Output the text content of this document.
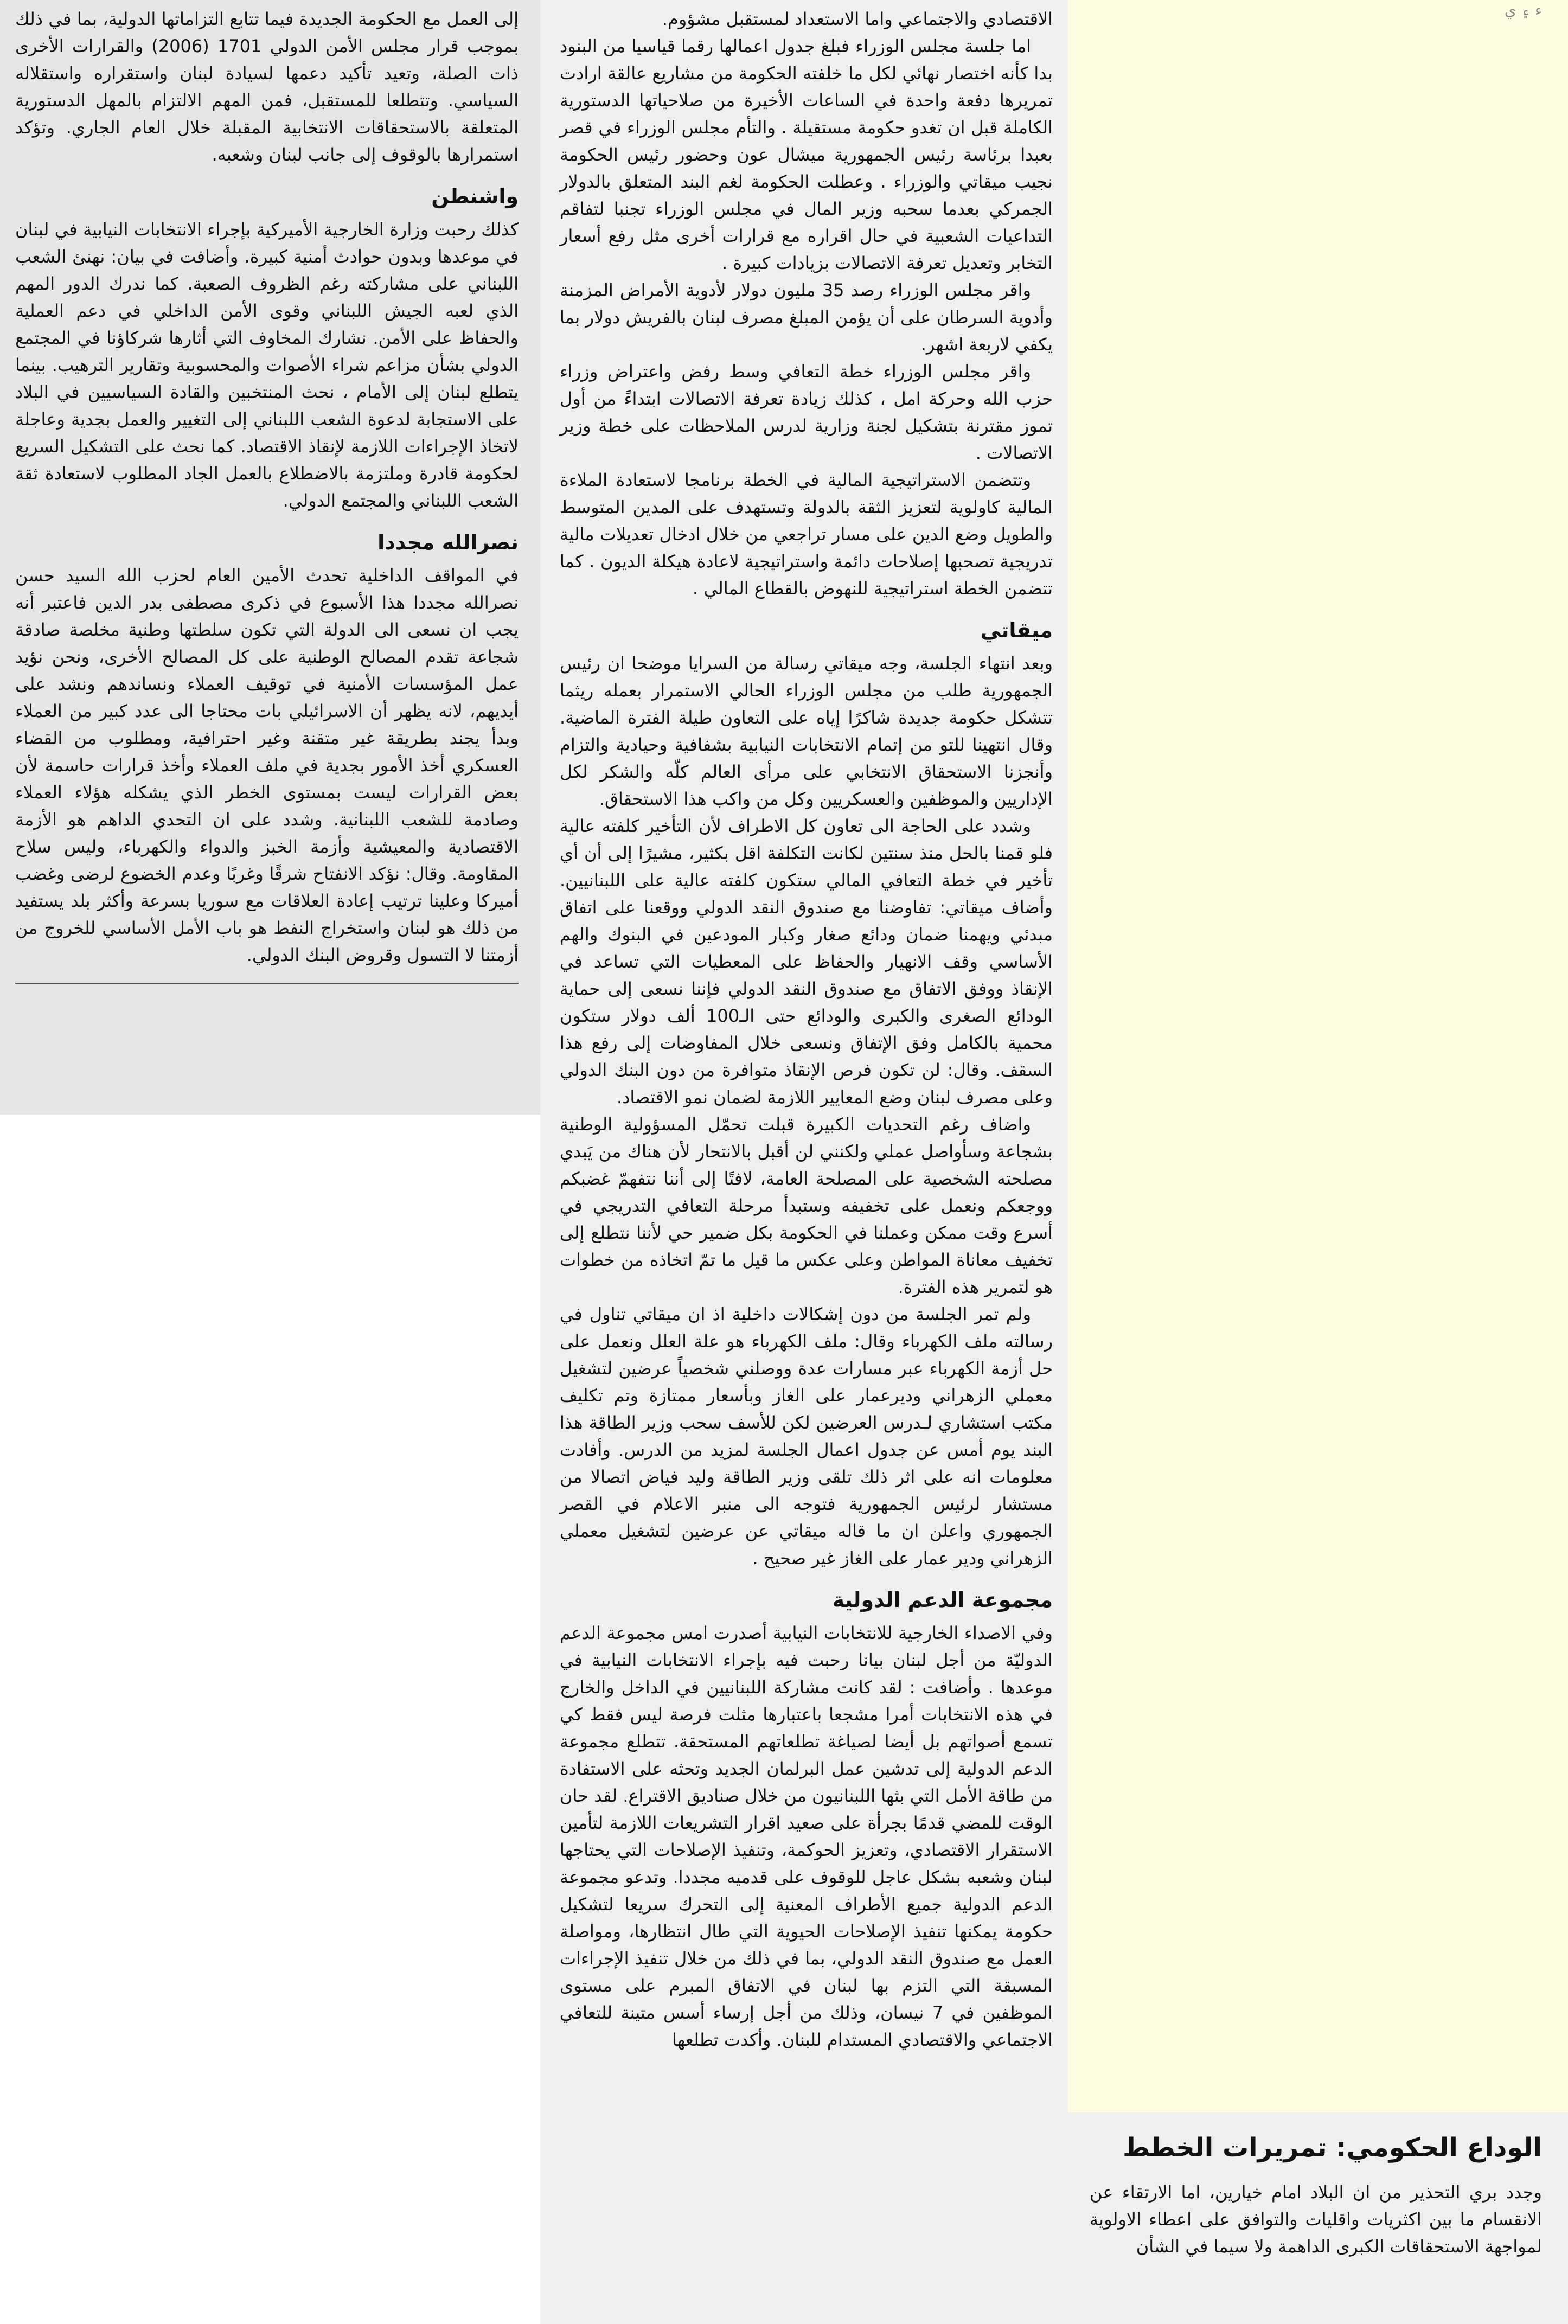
إلى العمل مع الحكومة الجديدة فيما تتابع التزاماتها الدولية، بما في ذلك بموجب قرار مجلس الأمن الدولي 1701 (2006) والقرارات الأخرى ذات الصلة، وتعيد تأكيد دعمها لسيادة لبنان واستقراره واستقلاله السياسي. وتتطلعا للمستقبل، فمن المهم الالتزام بالمهل الدستورية المتعلقة بالاستحقاقات الانتخابية المقبلة خلال العام الجاري. وتؤكد استمرارها بالوقوف إلى جانب لبنان وشعبه.

واشنطن

كذلك رحبت وزارة الخارجية الأميركية بإجراء الانتخابات النيابية في لبنان في موعدها وبدون حوادث أمنية كبيرة. وأضافت في بيان: نهنئ الشعب اللبناني على مشاركته رغم الظروف الصعبة. كما ندرك الدور المهم الذي لعبه الجيش اللبناني وقوى الأمن الداخلي في دعم العملية والحفاظ على الأمن. نشارك المخاوف التي أثارها شركاؤنا في المجتمع الدولي بشأن مزاعم شراء الأصوات والمحسوبية وتقارير الترهيب. بينما يتطلع لبنان إلى الأمام ، نحث المنتخبين والقادة السياسيين في البلاد على الاستجابة لدعوة الشعب اللبناني إلى التغيير والعمل بجدية وعاجلة لاتخاذ الإجراءات اللازمة لإنقاذ الاقتصاد. كما نحث على التشكيل السريع لحكومة قادرة وملتزمة بالاضطلاع بالعمل الجاد المطلوب لاستعادة ثقة الشعب اللبناني والمجتمع الدولي.

نصرالله مجددا

في المواقف الداخلية تحدث الأمين العام لحزب الله السيد حسن نصرالله مجددا هذا الأسبوع في ذكرى مصطفى بدر الدين فاعتبر أنه يجب ان نسعى الى الدولة التي تكون سلطتها وطنية مخلصة صادقة شجاعة تقدم المصالح الوطنية على كل المصالح الأخرى، ونحن نؤيد عمل المؤسسات الأمنية في توقيف العملاء ونساندهم ونشد على أيديهم، لانه يظهر أن الاسرائيلي بات محتاجا الى عدد كبير من العملاء وبدأ يجند بطريقة غير متقنة وغير احترافية، ومطلوب من القضاء العسكري أخذ الأمور بجدية في ملف العملاء وأخذ قرارات حاسمة لأن بعض القرارات ليست بمستوى الخطر الذي يشكله هؤلاء العملاء وصادمة للشعب اللبنانية. وشدد على ان التحدي الداهم هو الأزمة الاقتصادية والمعيشية وأزمة الخبز والدواء والكهرباء، وليس سلاح المقاومة. وقال: نؤكد الانفتاح شرقًا وغربًا وعدم الخضوع لرضى وغضب أميركا وعلينا ترتيب إعادة العلاقات مع سوريا بسرعة وأكثر بلد يستفيد من ذلك هو لبنان واستخراج النفط هو باب الأمل الأساسي للخروج من أزمتنا لا التسول وقروض البنك الدولي.

الاقتصادي والاجتماعي واما الاستعداد لمستقبل مشؤوم.

اما جلسة مجلس الوزراء فبلغ جدول اعمالها رقما قياسيا من البنود بدا كأنه اختصار نهائي لكل ما خلفته الحكومة من مشاريع عالقة ارادت تمريرها دفعة واحدة في الساعات الأخيرة من صلاحياتها الدستورية الكاملة قبل ان تغدو حكومة مستقيلة . والتأم مجلس الوزراء في قصر بعبدا برئاسة رئيس الجمهورية ميشال عون وحضور رئيس الحكومة نجيب ميقاتي والوزراء . وعطلت الحكومة لغم البند المتعلق بالدولار الجمركي بعدما سحبه وزير المال في مجلس الوزراء تجنبا لتفاقم التداعيات الشعبية في حال اقراره مع قرارات أخرى مثل رفع أسعار التخابر وتعديل تعرفة الاتصالات بزيادات كبيرة .

واقر مجلس الوزراء رصد 35 مليون دولار لأدوية الأمراض المزمنة وأدوية السرطان على أن يؤمن المبلغ مصرف لبنان بالفريش دولار بما يكفي لاربعة اشهر.

واقر مجلس الوزراء خطة التعافي وسط رفض واعتراض وزراء حزب الله وحركة امل ، كذلك زيادة تعرفة الاتصالات ابتداءً من أول تموز مقترنة بتشكيل لجنة وزارية لدرس الملاحظات على خطة وزير الاتصالات .

وتتضمن الاستراتيجية المالية في الخطة برنامجا لاستعادة الملاءة المالية كاولوية لتعزيز الثقة بالدولة وتستهدف على المدين المتوسط والطويل وضع الدين على مسار تراجعي من خلال ادخال تعديلات مالية تدريجية تصحبها إصلاحات دائمة واستراتيجية لاعادة هيكلة الديون . كما تتضمن الخطة استراتيجية للنهوض بالقطاع المالي .

ميقاتي

وبعد انتهاء الجلسة، وجه ميقاتي رسالة من السرايا موضحا ان رئيس الجمهورية طلب من مجلس الوزراء الحالي الاستمرار بعمله ريثما تتشكل حكومة جديدة شاكرًا إياه على التعاون طيلة الفترة الماضية. وقال انتهينا للتو من إتمام الانتخابات النيابية بشفافية وحيادية والتزام وأنجزنا الاستحقاق الانتخابي على مرأى العالم كلّه والشكر لكل الإداريين والموظفين والعسكريين وكل من واكب هذا الاستحقاق.

وشدد على الحاجة الى تعاون كل الاطراف لأن التأخير كلفته عالية فلو قمنا بالحل منذ سنتين لكانت التكلفة اقل بكثير، مشيرًا إلى أن أي تأخير في خطة التعافي المالي ستكون كلفته عالية على اللبنانيين. وأضاف ميقاتي: تفاوضنا مع صندوق النقد الدولي ووقعنا على اتفاق مبدئي ويهمنا ضمان ودائع صغار وكبار المودعين في البنوك والهم الأساسي وقف الانهيار والحفاظ على المعطيات التي تساعد في الإنقاذ ووفق الاتفاق مع صندوق النقد الدولي فإننا نسعى إلى حماية الودائع الصغرى والكبرى والودائع حتى الـ100 ألف دولار ستكون محمية بالكامل وفق الإتفاق ونسعى خلال المفاوضات إلى رفع هذا السقف. وقال: لن تكون فرص الإنقاذ متوافرة من دون البنك الدولي وعلى مصرف لبنان وضع المعايير اللازمة لضمان نمو الاقتصاد.

واضاف رغم التحديات الكبيرة قبلت تحمّل المسؤولية الوطنية بشجاعة وسأواصل عملي ولكنني لن أقبل بالانتحار لأن هناك من يَبدي مصلحته الشخصية على المصلحة العامة، لافتًا إلى أننا نتفهمّ غضبكم ووجعكم ونعمل على تخفيفه وستبدأ مرحلة التعافي التدريجي في أسرع وقت ممكن وعملنا في الحكومة بكل ضمير حي لأننا نتطلع إلى تخفيف معاناة المواطن وعلى عكس ما قيل ما تمّ اتخاذه من خطوات هو لتمرير هذه الفترة.

ولم تمر الجلسة من دون إشكالات داخلية اذ ان ميقاتي تناول في رسالته ملف الكهرباء وقال: ملف الكهرباء هو علة العلل ونعمل على حل أزمة الكهرباء عبر مسارات عدة ووصلني شخصياً عرضين لتشغيل معملي الزهراني وديرعمار على الغاز وبأسعار ممتازة وتم تكليف مكتب استشاري لـدرس العرضين لكن للأسف سحب وزير الطاقة هذا البند يوم أمس عن جدول اعمال الجلسة لمزيد من الدرس. وأفادت معلومات انه على اثر ذلك تلقى وزير الطاقة وليد فياض اتصالا من مستشار لرئيس الجمهورية فتوجه الى منبر الاعلام في القصر الجمهوري واعلن ان ما قاله ميقاتي عن عرضين لتشغيل معملي الزهراني ودير عمار على الغاز غير صحيح .

مجموعة الدعم الدولية

وفي الاصداء الخارجية للانتخابات النيابية أصدرت امس مجموعة الدعم الدوليّة من أجل لبنان بيانا رحبت فيه بإجراء الانتخابات النيابية في موعدها . وأضافت : لقد كانت مشاركة اللبنانيين في الداخل والخارج في هذه الانتخابات أمرا مشجعا باعتبارها مثلت فرصة ليس فقط كي تسمع أصواتهم بل أيضا لصياغة تطلعاتهم المستحقة. تتطلع مجموعة الدعم الدولية إلى تدشين عمل البرلمان الجديد وتحثه على الاستفادة من طاقة الأمل التي بثها اللبنانيون من خلال صناديق الاقتراع. لقد حان الوقت للمضي قدمًا بجرأة على صعيد اقرار التشريعات اللازمة لتأمين الاستقرار الاقتصادي، وتعزيز الحوكمة، وتنفيذ الإصلاحات التي يحتاجها لبنان وشعبه بشكل عاجل للوقوف على قدميه مجددا. وتدعو مجموعة الدعم الدولية جميع الأطراف المعنية إلى التحرك سريعا لتشكيل حكومة يمكنها تنفيذ الإصلاحات الحيوية التي طال انتظارها، ومواصلة العمل مع صندوق النقد الدولي، بما في ذلك من خلال تنفيذ الإجراءات المسبقة التي التزم بها لبنان في الاتفاق المبرم على مستوى الموظفين في 7 نيسان، وذلك من أجل إرساء أسس متينة للتعافي الاجتماعي والاقتصادي المستدام للبنان. وأكدت تطلعها

ء ۽ ي
الوداع الحكومي: تمريرات الخطط

وجدد بري التحذير من ان البلاد امام خيارين، اما الارتقاء عن الانقسام ما بين اكثريات واقليات والتوافق على اعطاء الاولوية لمواجهة الاستحقاقات الكبرى الداهمة ولا سيما في الشأن
